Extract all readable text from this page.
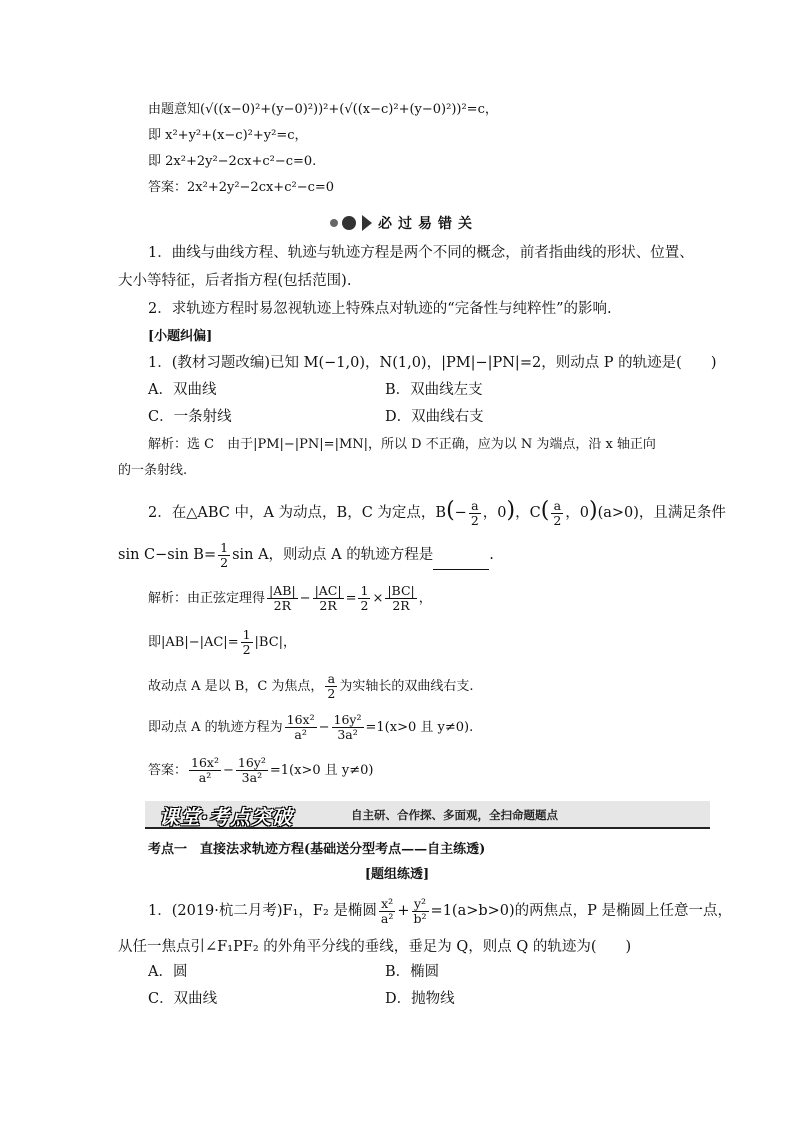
由题意知(√((x−0)²+(y−0)²))²+(√((x−c)²+(y−0)²))²=c，
即 x²+y²+(x−c)²+y²=c，
即 2x²+2y²−2cx+c²−c=0.
答案：2x²+2y²−2cx+c²−c=0
必过易错关
1．曲线与曲线方程、轨迹与轨迹方程是两个不同的概念，前者指曲线的形状、位置、
大小等特征，后者指方程(包括范围).
2．求轨迹方程时易忽视轨迹上特殊点对轨迹的“完备性与纯粹性”的影响.
[小题纠偏]
1．(教材习题改编)已知 M(−1,0)，N(1,0)，|PM|−|PN|=2，则动点 P 的轨迹是(　　)
A．双曲线	B．双曲线左支
C．一条射线	D．双曲线右支
解析：选 C　由于|PM|−|PN|=|MN|，所以 D 不正确，应为以 N 为端点，沿 x 轴正向
的一条射线.
2．在△ABC 中，A 为动点，B，C 为定点，$B(- \frac{a}{2}$ ，0)，$C( \frac{a}{2}$ ，0)(a>0)，且满足条件
sin C−sin $B= \frac{1}{2}$ sin A，则动点 A 的轨迹方程是	.
解析：由正弦定理得 $\frac{|AB|}{2R} - \frac{|AC|}{2R} = \frac{1}{2} \times \frac{|BC|}{2R}$ ，
即$|AB|-|AC|= \frac{1}{2} |BC|$，
故动点 A 是以 B，C 为焦点， $\frac{a}{2}$ 为实轴长的双曲线右支.
即动点 A 的轨迹方程为 $\frac{\text{16x²}}{\text{a²}} - \frac{\text{16y²}}{\text{3a²}} =1(x>0$ 且 y≠0).
答案： $\frac{\text{16x²}}{\text{a²}} - \frac{\text{16y²}}{\text{3a²}} =1(x>0$ 且 y≠0)
课堂·考点突破	自主研、合作探、多面观，全扫命题题点
考点一　直接法求轨迹方程(基础送分型考点——自主练透)
[题组练透]
1．(2019·杭二月考)F₁，F₂ 是椭圆 $\frac{\text{x²}}{\text{a²}} + \frac{\text{y²}}{\text{b²}} =1(a>b>0)$的两焦点，P 是椭圆上任意一点，
从任一焦点引∠F₁PF₂ 的外角平分线的垂线，垂足为 Q，则点 Q 的轨迹为(　　)
A．圆	B．椭圆
C．双曲线	D．抛物线
